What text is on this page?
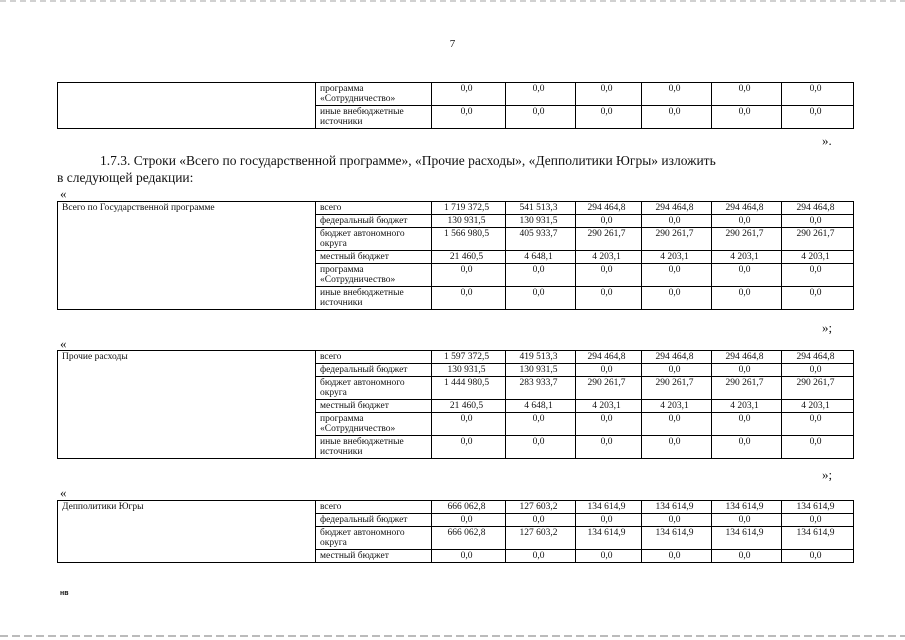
7
	программа «Сотрудничество»	0,0	0,0	0,0	0,0	0,0	0,0
	иные внебюджетные источники	0,0	0,0	0,0	0,0	0,0	0,0
».
1.7.3. Строки «Всего по государственной программе», «Прочие расходы», «Депполитики Югры» изложить
в следующей редакции:
«
Всего по Государственной программе	всего	1 719 372,5	541 513,3	294 464,8	294 464,8	294 464,8	294 464,8
	федеральный бюджет	130 931,5	130 931,5	0,0	0,0	0,0	0,0
	бюджет автономного округа	1 566 980,5	405 933,7	290 261,7	290 261,7	290 261,7	290 261,7
	местный бюджет	21 460,5	4 648,1	4 203,1	4 203,1	4 203,1	4 203,1
	программа «Сотрудничество»	0,0	0,0	0,0	0,0	0,0	0,0
	иные внебюджетные источники	0,0	0,0	0,0	0,0	0,0	0,0
»;
«
Прочие расходы	всего	1 597 372,5	419 513,3	294 464,8	294 464,8	294 464,8	294 464,8
	федеральный бюджет	130 931,5	130 931,5	0,0	0,0	0,0	0,0
	бюджет автономного округа	1 444 980,5	283 933,7	290 261,7	290 261,7	290 261,7	290 261,7
	местный бюджет	21 460,5	4 648,1	4 203,1	4 203,1	4 203,1	4 203,1
	программа «Сотрудничество»	0,0	0,0	0,0	0,0	0,0	0,0
	иные внебюджетные источники	0,0	0,0	0,0	0,0	0,0	0,0
»;
«
Депполитики Югры	всего	666 062,8	127 603,2	134 614,9	134 614,9	134 614,9	134 614,9
	федеральный бюджет	0,0	0,0	0,0	0,0	0,0	0,0
	бюджет автономного округа	666 062,8	127 603,2	134 614,9	134 614,9	134 614,9	134 614,9
	местный бюджет	0,0	0,0	0,0	0,0	0,0	0,0
нв
